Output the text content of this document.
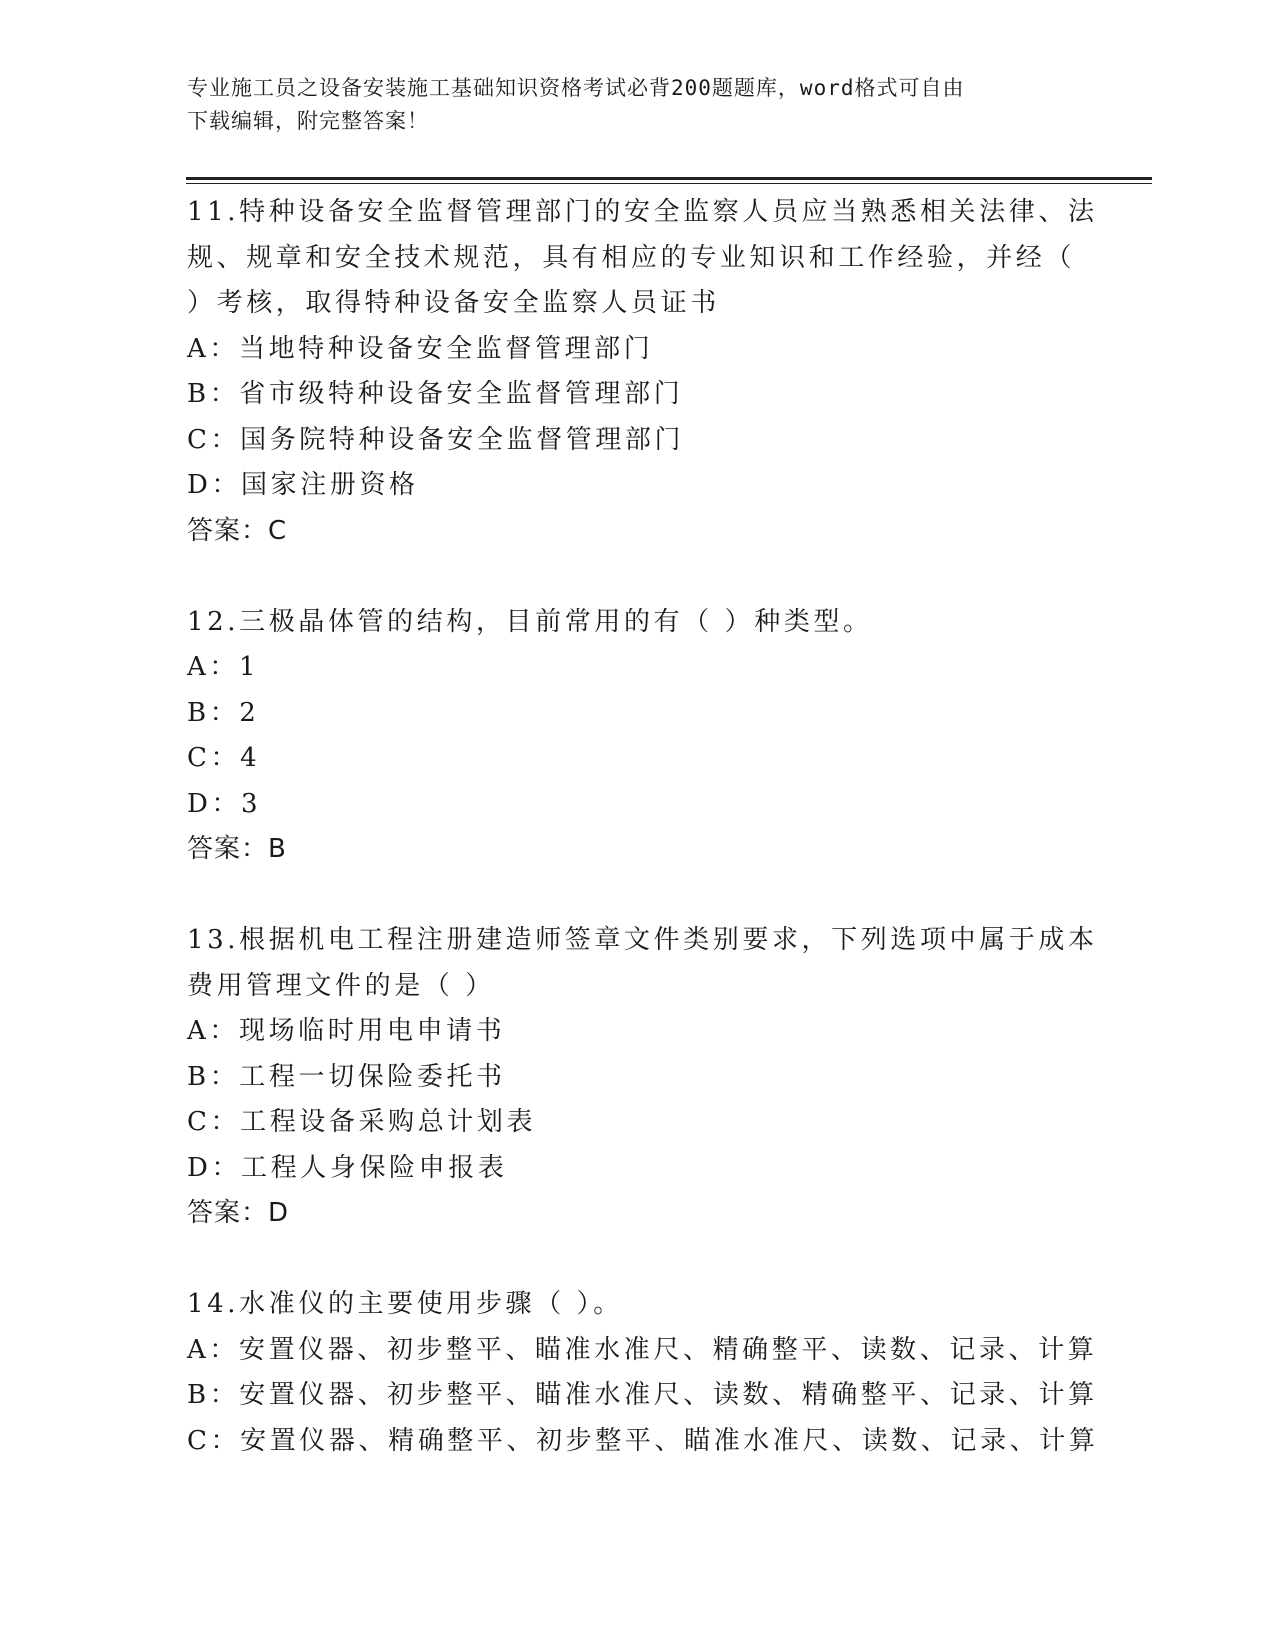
专业施工员之设备安装施工基础知识资格考试必背200题题库，word格式可自由
下载编辑，附完整答案！
11.特种设备安全监督管理部门的安全监察人员应当熟悉相关法律、法
规、规章和安全技术规范，具有相应的专业知识和工作经验，并经（
）考核，取得特种设备安全监察人员证书
A：当地特种设备安全监督管理部门
B：省市级特种设备安全监督管理部门
C：国务院特种设备安全监督管理部门
D：国家注册资格
答案：C
12.三极晶体管的结构，目前常用的有（ ）种类型。
A：1
B：2
C：4
D：3
答案：B
13.根据机电工程注册建造师签章文件类别要求，下列选项中属于成本
费用管理文件的是（ ）
A：现场临时用电申请书
B：工程一切保险委托书
C：工程设备采购总计划表
D：工程人身保险申报表
答案：D
14.水准仪的主要使用步骤（ ）。
A：安置仪器、初步整平、瞄准水准尺、精确整平、读数、记录、计算
B：安置仪器、初步整平、瞄准水准尺、读数、精确整平、记录、计算
C：安置仪器、精确整平、初步整平、瞄准水准尺、读数、记录、计算
